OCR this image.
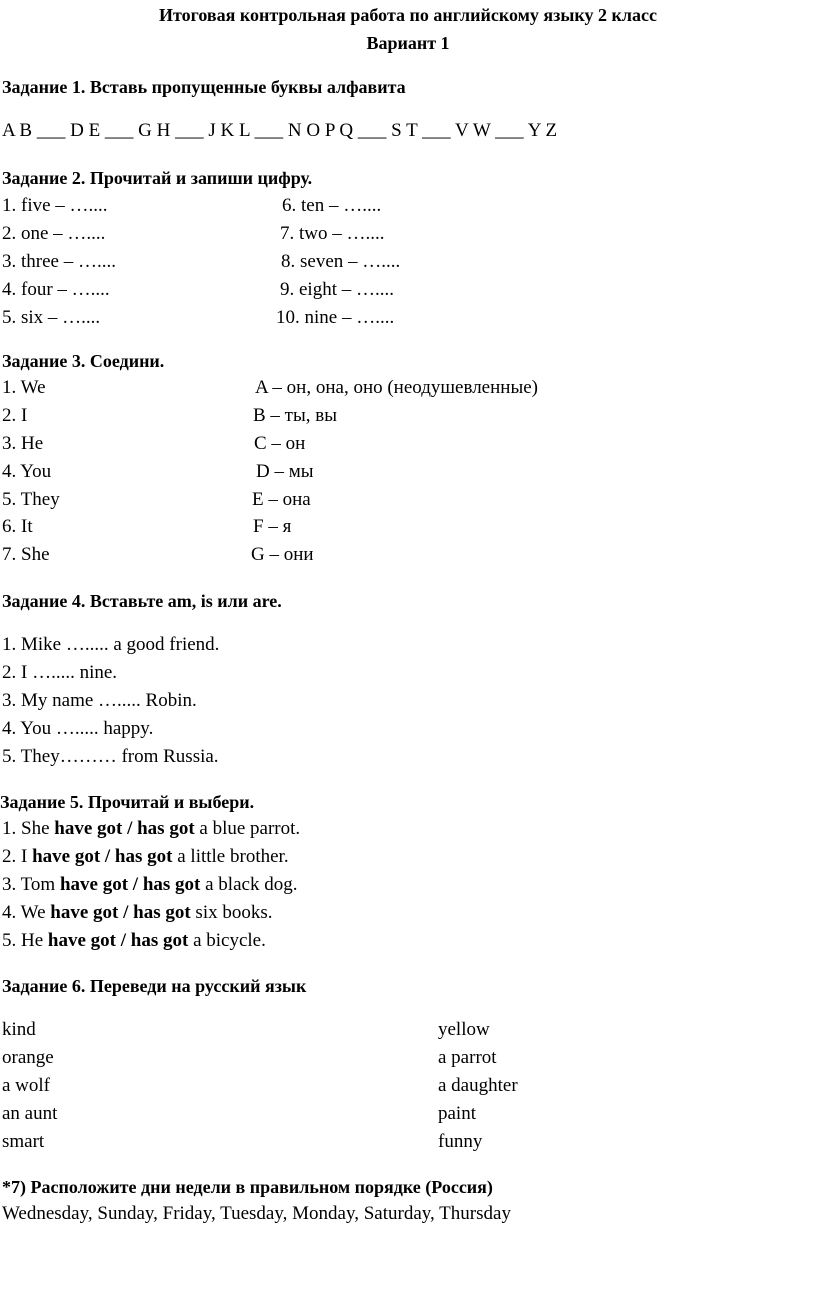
Итоговая контрольная работа по английскому языку 2 класс
Вариант 1
Задание 1. Вставь пропущенные буквы алфавита
A B ___ D E ___ G H ___ J K L ___ N O P Q ___ S T ___ V W ___ Y Z
Задание 2. Прочитай и запиши цифру.
1. five – …....
2. one – …....
3. three – …....
4. four – …....
5. six – …....
6. ten – …....
7. two – …....
8. seven – …....
9. eight – …....
10. nine – …....
Задание 3. Соедини.
1. We
2. I
3. He
4. You
5. They
6. It
7. She
A – он, она, оно (неодушевленные)
B – ты, вы
C – он
D – мы
E – она
F – я
G – они
Задание 4. Вставьте am, is или are.
1. Mike …..... a good friend.
2. I …..... nine.
3. My name …..... Robin.
4. You …..... happy.
5. They……… from Russia.
Задание 5. Прочитай и выбери.
1. She have got / has got a blue parrot.
2. I have got / has got a little brother.
3. Tom have got / has got a black dog.
4. We have got / has got six books.
5. He have got / has got a bicycle.
Задание 6. Переведи на русский язык
kind
orange
a wolf
an aunt
smart
yellow
a parrot
a daughter
paint
funny
*7) Расположите дни недели в правильном порядке (Россия)
Wednesday, Sunday, Friday, Tuesday, Monday, Saturday, Thursday
